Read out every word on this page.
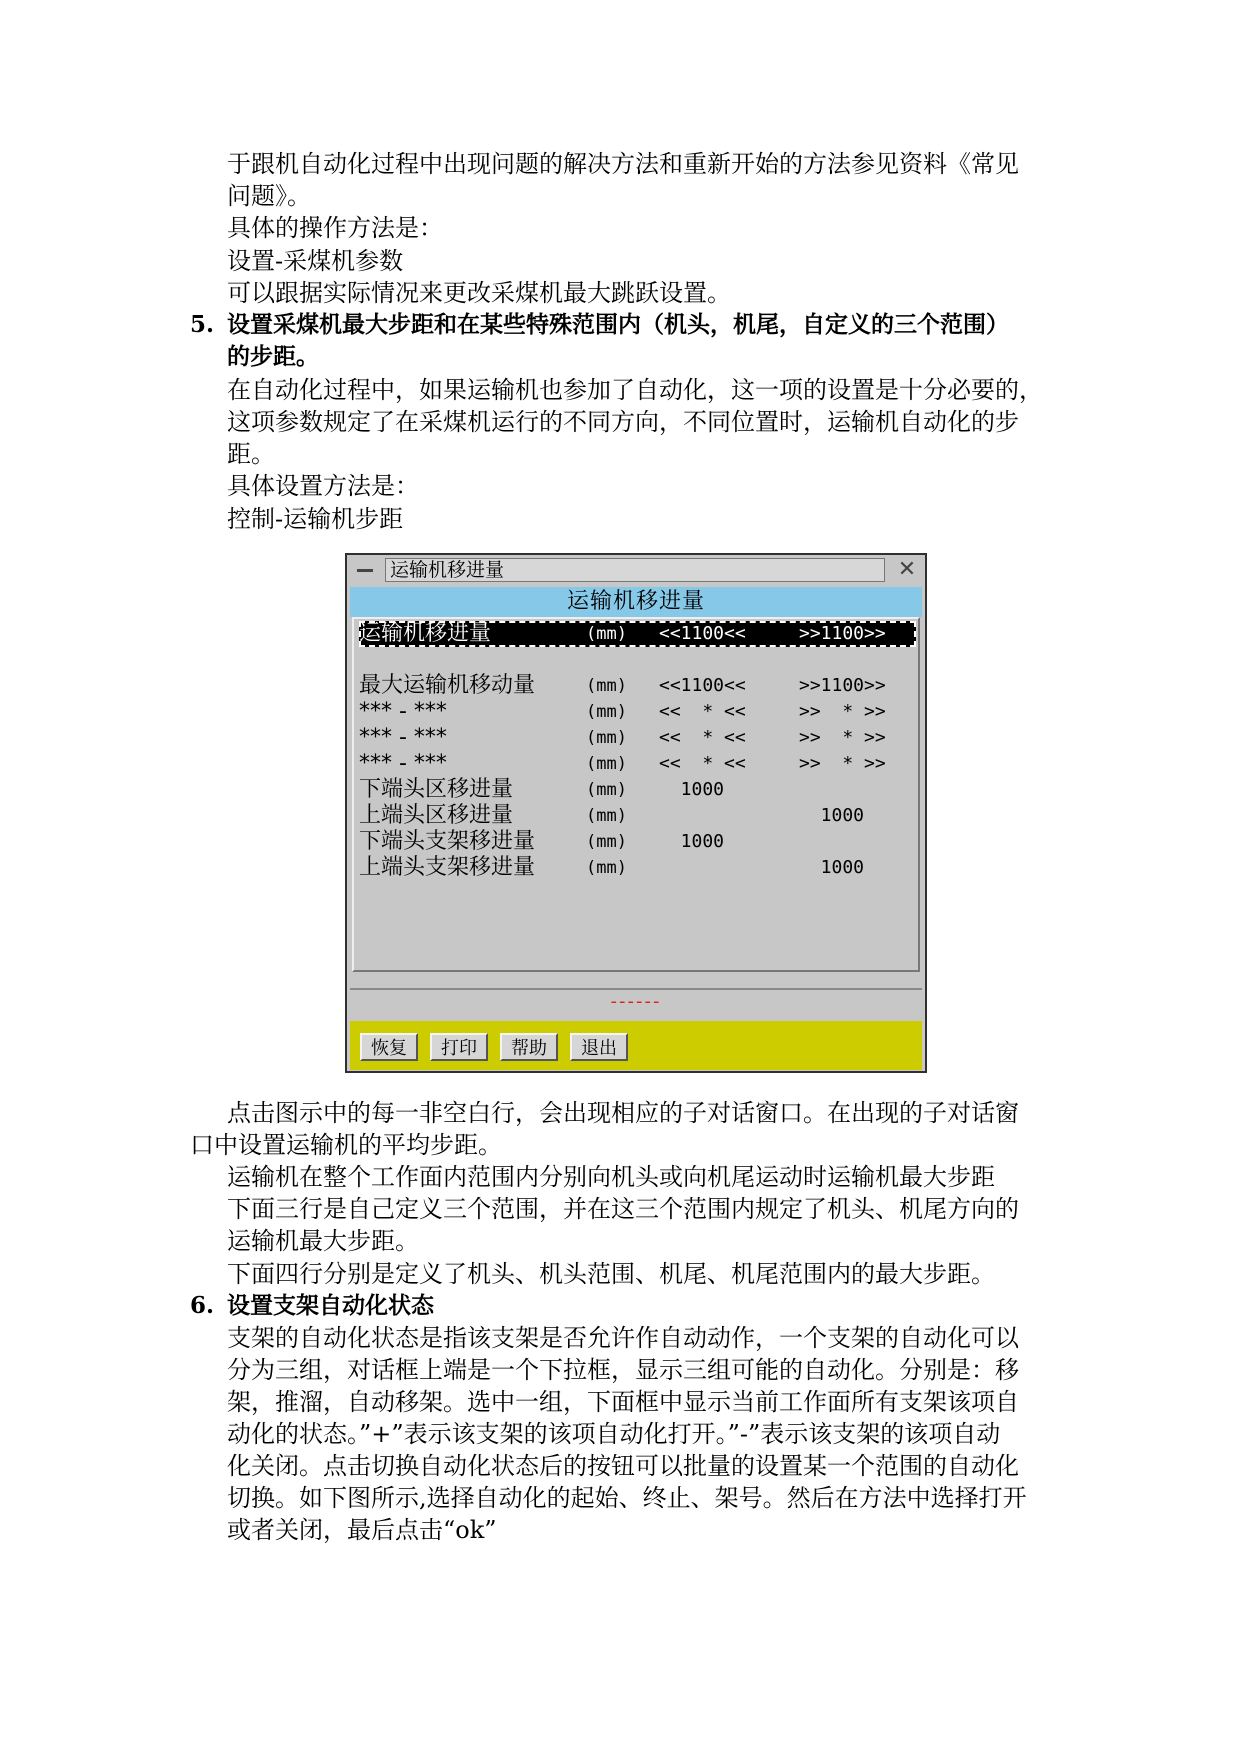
于跟机自动化过程中出现问题的解决方法和重新开始的方法参见资料《常见
问题》。
具体的操作方法是：
设置-采煤机参数
可以跟据实际情况来更改采煤机最大跳跃设置。
5. 设置采煤机最大步距和在某些特殊范围内（机头，机尾，自定义的三个范围）
的步距。
在自动化过程中，如果运输机也参加了自动化，这一项的设置是十分必要的，
这项参数规定了在采煤机运行的不同方向，不同位置时，运输机自动化的步
距。
具体设置方法是：
控制-运输机步距
运输机移进量	✕
运输机移进量
运输机移进量	(mm) <<1100<<	>>1100>>
最大运输机移动量	(mm) <<1100<<	>>1100>>
*** - ***	(mm) <<  * <<	>>  * >>
*** - ***	(mm) <<  * <<	>>  * >>
*** - ***	(mm) <<  * <<	>>  * >>
下端头区移进量	(mm) 1000
上端头区移进量	(mm)	1000
下端头支架移进量	(mm) 1000
上端头支架移进量	(mm)	1000
------
恢复	打印	帮助	退出
点击图示中的每一非空白行，会出现相应的子对话窗口。在出现的子对话窗
口中设置运输机的平均步距。
运输机在整个工作面内范围内分别向机头或向机尾运动时运输机最大步距
下面三行是自己定义三个范围，并在这三个范围内规定了机头、机尾方向的
运输机最大步距。
下面四行分别是定义了机头、机头范围、机尾、机尾范围内的最大步距。
6. 设置支架自动化状态
支架的自动化状态是指该支架是否允许作自动动作，一个支架的自动化可以
分为三组，对话框上端是一个下拉框，显示三组可能的自动化。分别是：移
架，推溜，自动移架。选中一组，下面框中显示当前工作面所有支架该项自
动化的状态。”+”表示该支架的该项自动化打开。”-”表示该支架的该项自动
化关闭。点击切换自动化状态后的按钮可以批量的设置某一个范围的自动化
切换。如下图所示,选择自动化的起始、终止、架号。然后在方法中选择打开
或者关闭，最后点击“ok”
